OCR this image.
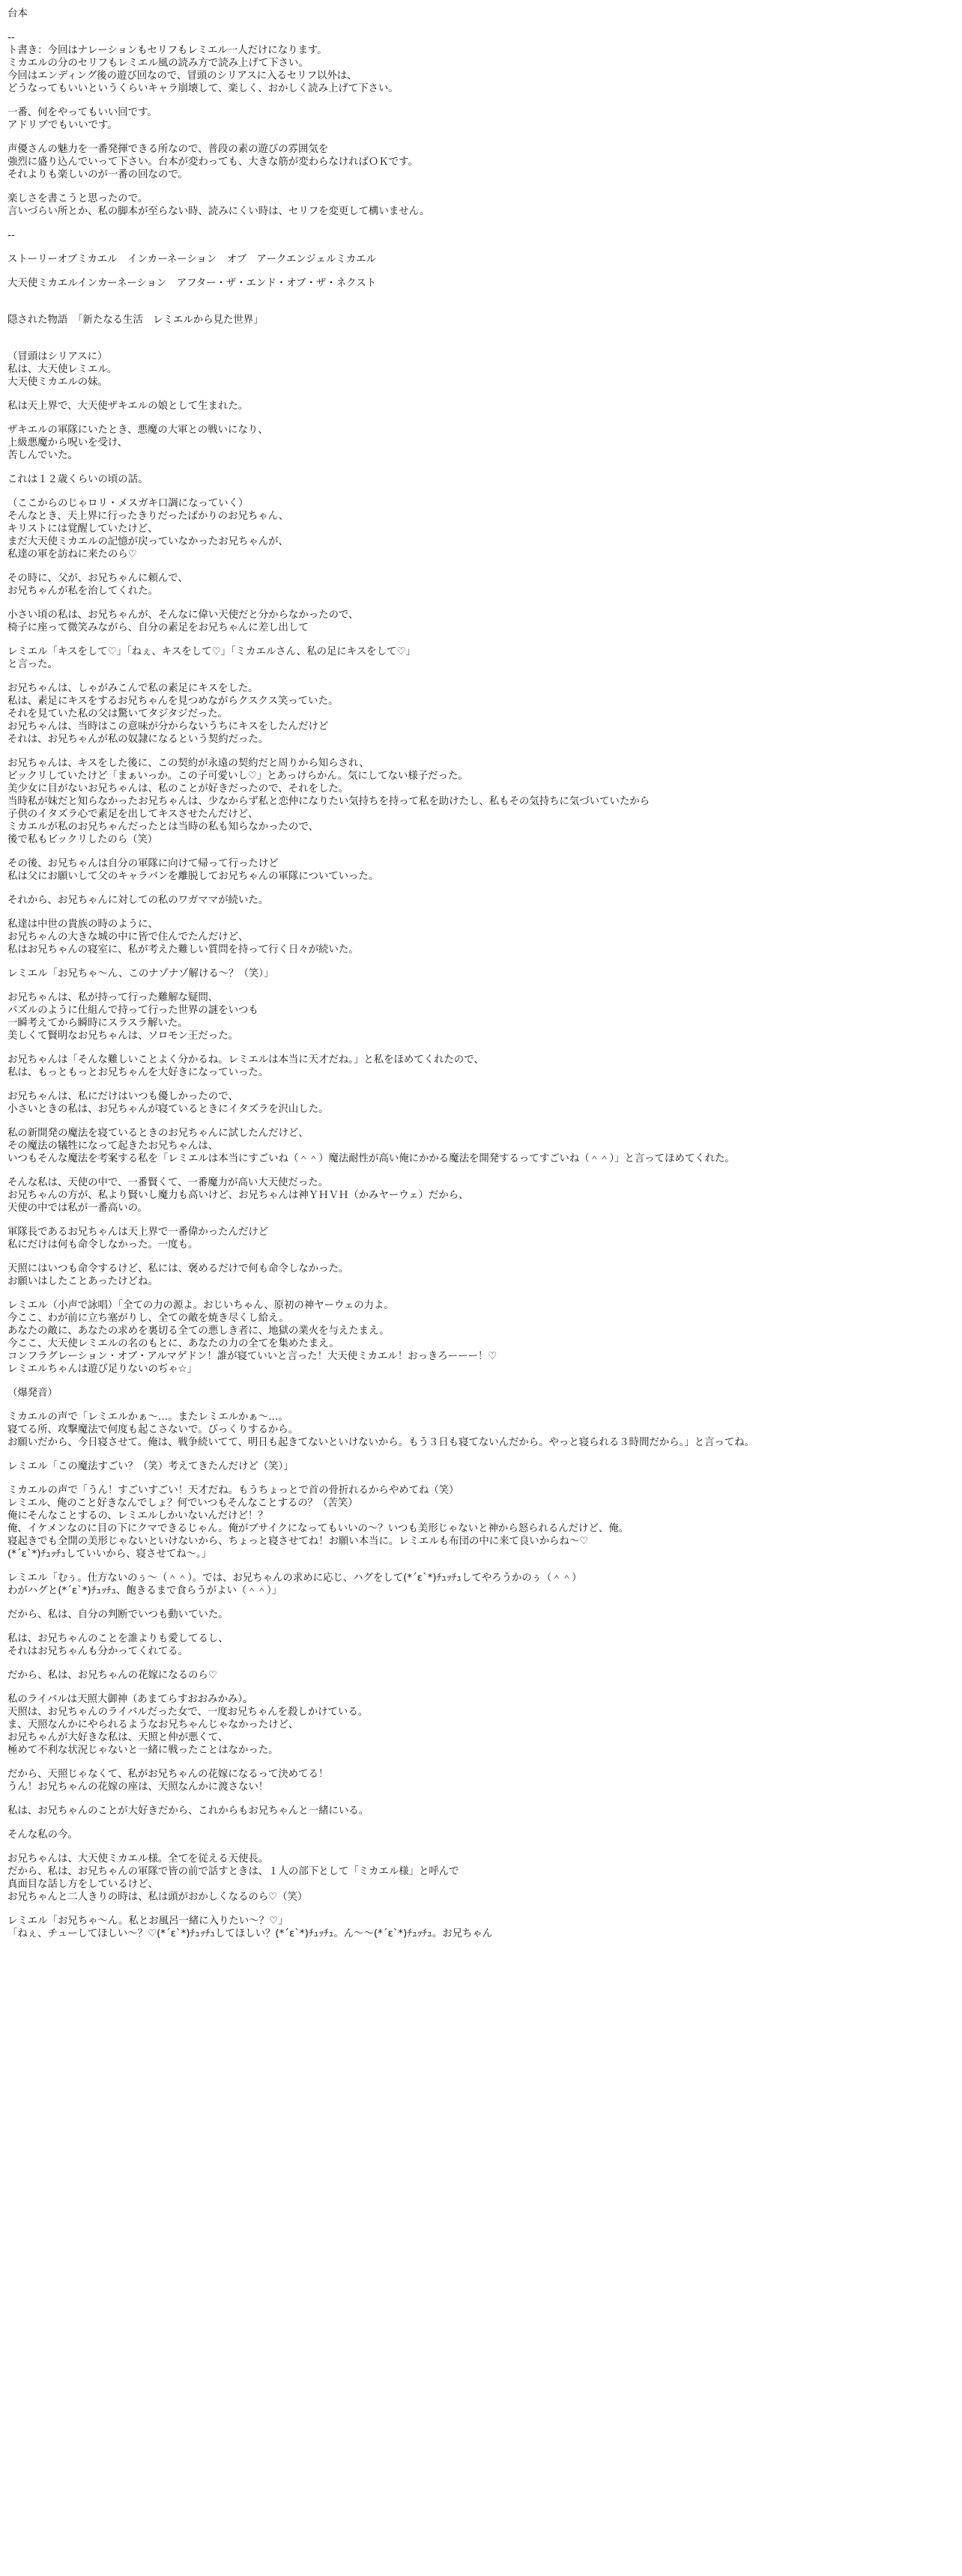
台本
--
ト書き：今回はナレーションもセリフもレミエル一人だけになります。
ミカエルの分のセリフもレミエル風の読み方で読み上げて下さい。
今回はエンディング後の遊び回なので、冒頭のシリアスに入るセリフ以外は、
どうなってもいいというくらいキャラ崩壊して、楽しく、おかしく読み上げて下さい。
一番、何をやってもいい回です。
アドリブでもいいです。
声優さんの魅力を一番発揮できる所なので、普段の素の遊びの雰囲気を
強烈に盛り込んでいって下さい。台本が変わっても、大きな筋が変わらなければＯＫです。
それよりも楽しいのが一番の回なので。
楽しさを書こうと思ったので。
言いづらい所とか、私の脚本が至らない時、読みにくい時は、セリフを変更して構いません。
--
ストーリーオブミカエル　インカーネーション　オブ　アークエンジェルミカエル
大天使ミカエルインカーネーション　アフター・ザ・エンド・オブ・ザ・ネクスト
隠された物語　「新たなる生活　レミエルから見た世界」
（冒頭はシリアスに）
私は、大天使レミエル。
大天使ミカエルの妹。
私は天上界で、大天使ザキエルの娘として生まれた。
ザキエルの軍隊にいたとき、悪魔の大軍との戦いになり、
上級悪魔から呪いを受け、
苦しんでいた。
これは１２歳くらいの頃の話。
（ここからのじゃロリ・メスガキ口調になっていく）
そんなとき、天上界に行ったきりだったばかりのお兄ちゃん、
キリストには覚醒していたけど、
まだ大天使ミカエルの記憶が戻っていなかったお兄ちゃんが、
私達の軍を訪ねに来たのら♡
その時に、父が、お兄ちゃんに頼んで、
お兄ちゃんが私を治してくれた。
小さい頃の私は、お兄ちゃんが、そんなに偉い天使だと分からなかったので、
椅子に座って微笑みながら、自分の素足をお兄ちゃんに差し出して
レミエル「キスをして♡」「ねぇ、キスをして♡」「ミカエルさん、私の足にキスをして♡」
と言った。
お兄ちゃんは、しゃがみこんで私の素足にキスをした。
私は、素足にキスをするお兄ちゃんを見つめながらクスクス笑っていた。
それを見ていた私の父は驚いてタジタジだった。
お兄ちゃんは、当時はこの意味が分からないうちにキスをしたんだけど
それは、お兄ちゃんが私の奴隷になるという契約だった。
お兄ちゃんは、キスをした後に、この契約が永遠の契約だと周りから知らされ、
ビックリしていたけど「まぁいっか。この子可愛いし♡」とあっけらかん。気にしてない様子だった。
美少女に目がないお兄ちゃんは、私のことが好きだったので、それをした。
当時私が妹だと知らなかったお兄ちゃんは、少なからず私と恋仲になりたい気持ちを持って私を助けたし、私もその気持ちに気づいていたから
子供のイタズラ心で素足を出してキスさせたんだけど、
ミカエルが私のお兄ちゃんだったとは当時の私も知らなかったので、
後で私もビックリしたのら（笑）
その後、お兄ちゃんは自分の軍隊に向けて帰って行ったけど
私は父にお願いして父のキャラバンを離脱してお兄ちゃんの軍隊についていった。
それから、お兄ちゃんに対しての私のワガママが続いた。
私達は中世の貴族の時のように、
お兄ちゃんの大きな城の中に皆で住んでたんだけど、
私はお兄ちゃんの寝室に、私が考えた難しい質問を持って行く日々が続いた。
レミエル「お兄ちゃ〜ん、このナゾナゾ解ける〜？（笑）」
お兄ちゃんは、私が持って行った難解な疑問、
パズルのように仕組んで持って行った世界の謎をいつも
一瞬考えてから瞬時にスラスラ解いた。
美しくて賢明なお兄ちゃんは、ソロモン王だった。
お兄ちゃんは「そんな難しいことよく分かるね。レミエルは本当に天才だね。」と私をほめてくれたので、
私は、もっともっとお兄ちゃんを大好きになっていった。
お兄ちゃんは、私にだけはいつも優しかったので、
小さいときの私は、お兄ちゃんが寝ているときにイタズラを沢山した。
私の新開発の魔法を寝ているときのお兄ちゃんに試したんだけど、
その魔法の犠牲になって起きたお兄ちゃんは、
いつもそんな魔法を考案する私を「レミエルは本当にすごいね（＾＾）魔法耐性が高い俺にかかる魔法を開発するってすごいね（＾＾）」と言ってほめてくれた。
そんな私は、天使の中で、一番賢くて、一番魔力が高い大天使だった。
お兄ちゃんの方が、私より賢いし魔力も高いけど、お兄ちゃんは神ＹＨＶＨ（かみヤーウェ）だから、
天使の中では私が一番高いの。
軍隊長であるお兄ちゃんは天上界で一番偉かったんだけど
私にだけは何も命令しなかった。一度も。
天照にはいつも命令するけど、私には、褒めるだけで何も命令しなかった。
お願いはしたことあったけどね。
レミエル（小声で詠唱）「全ての力の源よ。おじいちゃん、原初の神ヤーウェの力よ。
今ここ、わが前に立ち塞がりし、全ての敵を焼き尽くし給え。
あなたの敵に、あなたの求めを裏切る全ての悪しき者に、地獄の業火を与えたまえ。
今ここ、大天使レミエルの名のもとに、あなたの力の全てを集めたまえ。
コンフラグレーション・オブ・アルマゲドン！誰が寝ていいと言った！大天使ミカエル！おっきろーーー！♡
レミエルちゃんは遊び足りないのぢゃ☆」
（爆発音）
ミカエルの声で「レミエルかぁ〜…。またレミエルかぁ〜…。
寝てる所、攻撃魔法で何度も起こさないで。びっくりするから。
お願いだから、今日寝させて。俺は、戦争続いてて、明日も起きてないといけないから。もう３日も寝てないんだから。やっと寝られる３時間だから。」と言ってね。
レミエル「この魔法すごい？（笑）考えてきたんだけど（笑）」
ミカエルの声で「うん！すごいすごい！天才だね。もうちょっとで首の骨折れるからやめてね（笑）
レミエル、俺のこと好きなんでしょ？何でいつもそんなことするの？（苦笑）
俺にそんなことするの、レミエルしかいないんだけど！？
俺、イケメンなのに目の下にクマできるじゃん。俺がブサイクになってもいいの〜？いつも美形じゃないと神から怒られるんだけど、俺。
寝起きでも全開の美形じゃないといけないから、ちょっと寝させてね！お願い本当に。レミエルも布団の中に来て良いからね〜♡
(*´ε`*)ﾁｭｯﾁｭしていいから、寝させてね〜。」
レミエル「むぅ。仕方ないのぅ〜（＾＾）。では、お兄ちゃんの求めに応じ、ハグをして(*´ε`*)ﾁｭｯﾁｭしてやろうかのぅ（＾＾）
わがハグと(*´ε`*)ﾁｭｯﾁｭ、飽きるまで食らうがよい（＾＾）」
だから、私は、自分の判断でいつも動いていた。
私は、お兄ちゃんのことを誰よりも愛してるし、
それはお兄ちゃんも分かってくれてる。
だから、私は、お兄ちゃんの花嫁になるのら♡
私のライバルは天照大御神（あまてらすおおみかみ）。
天照は、お兄ちゃんのライバルだった女で、一度お兄ちゃんを殺しかけている。
ま、天照なんかにやられるようなお兄ちゃんじゃなかったけど、
お兄ちゃんが大好きな私は、天照と仲が悪くて、
極めて不利な状況じゃないと一緒に戦ったことはなかった。
だから、天照じゃなくて、私がお兄ちゃんの花嫁になるって決めてる！
うん！お兄ちゃんの花嫁の座は、天照なんかに渡さない！
私は、お兄ちゃんのことが大好きだから、これからもお兄ちゃんと一緒にいる。
そんな私の今。
お兄ちゃんは、大天使ミカエル様。全てを従える天使長。
だから、私は、お兄ちゃんの軍隊で皆の前で話すときは、１人の部下として「ミカエル様」と呼んで
真面目な話し方をしているけど、
お兄ちゃんと二人きりの時は、私は頭がおかしくなるのら♡（笑）
レミエル「お兄ちゃ〜ん。私とお風呂一緒に入りたい〜？♡」
「ねぇ、チューしてほしい〜？♡(*´ε`*)ﾁｭｯﾁｭしてほしい？(*´ε`*)ﾁｭｯﾁｭ。ん〜〜(*´ε`*)ﾁｭｯﾁｭ。お兄ちゃん
